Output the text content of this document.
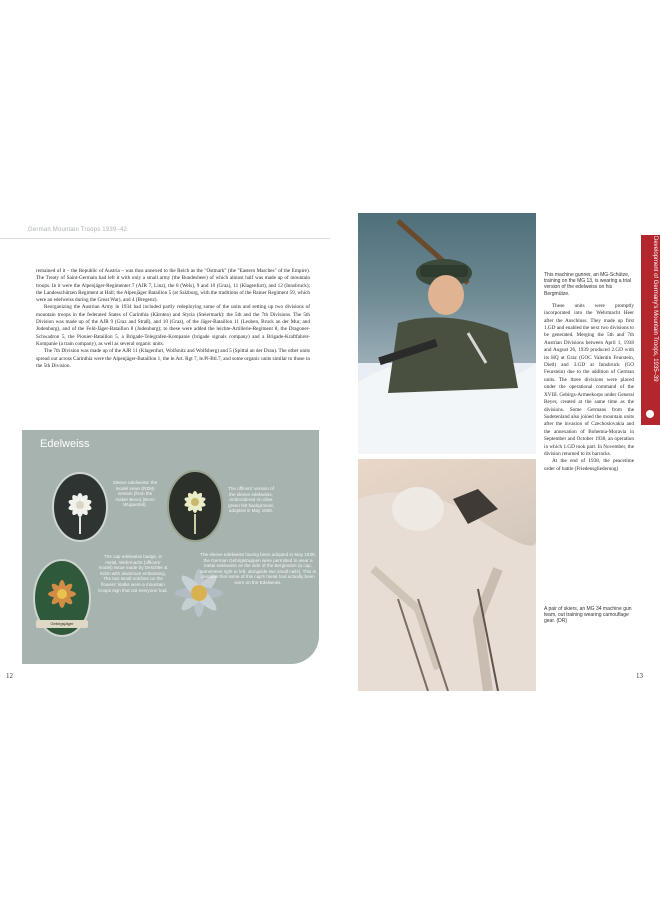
German Mountain Troops 1939–42

remained of it – the Republic of Austria – was thus annexed to the Reich as the "Ostmark" (the "Eastern Marches" of the Empire). The Treaty of Saint-Germain had left it with only a small army (the Bundesheer) of which almost half was made up of mountain troops. In it were the Alpenjäger-Regimenter 7 (AJR 7, Linz), the 8 (Wels), 9 and 10 (Graz), 11 (Klagenfurt), and 12 (Innsbruck); the Landesschützen Regiment at Hall; the Alpenjäger Bataillon 5 (at Salzburg, with the traditions of the Rainer Regiment 59, which were an edelweiss during the Great War), and 4 (Bregenz).

Reorganizing the Austrian Army in 1934 had included partly redeploying some of the units and setting up two divisions of mountain troops in the federated States of Carinthia (Kärnten) and Styria (Steiermark): the 5th and the 7th Divisions. The 5th Division was made up of the AJR 9 (Graz and Straß), and 10 (Graz), of the Jäger-Bataillon 11 (Leoben, Bruck an der Mur, and Judenburg), and of the Feld-Jäger-Bataillon 8 (Judenburg); to these were added the leichte-Artillerie-Regiment 8, the Dragoner-Schwadron 5, the Pionier-Bataillon 5, a Brigade-Telegrafen-Kompanie (brigade signals company) and a Brigade-Kraftfahrer-Kompanie (a train company), as well as several organic units.

The 7th Division was made up of the AJR 11 (Klagenfurt, Wolfsnitz and Wolfsberg) and 5 (Spittal an der Drau). The other units spread out across Carinthia were the Alpenjäger-Bataillon 1, the le.Art. Rgt 7, le.Pi-Btl.7, and some organic units similar to those in the 5th Division.

Edelweiss
Sleeve edelweiss: the model sewn (RZM) version (from the maker Bevo) (Bevo Wuppertal).
The officers' version of the sleeve edelweiss, embroidered on olive green felt background, adopted in May 1939.
Gebirgsjäger
The cap edelweiss badge, in metal, Wehrmacht (officers' model) issue made by Deschler & Sohn with aluminum embossing. The two small notches on the flowers' stalks were a mountain troops sign that not everyone had.
The sleeve edelweiss having been adopted in May 1939, the German Gebirgstruppen were permitted to wear a metal edelweiss on the side of the Bergmütze (a cap, sometimes right or left, alongside two small nails). This is possible that some of this cap's metal had actually been worn on the Edelweiss.
12
This machine gunner, an MG-Schütze, training on the MG 13, is wearing a trial version of the edelweiss on his Bergmütze.

These units were promptly incorporated into the Wehrmacht Heer after the Anschluss. They made up first 1.GD and enabled the next two divisions to be generated. Merging the 5th and 7th Austrian Divisions between April 1, 1938 and August 26, 1939 produced 2.GD with its HQ at Graz (GOC Valentin Feurstein, Dietl) and 3.GD at Innsbruck (GO Feurstein) due to the addition of German units. The three divisions were placed under the operational command of the XVIII. Gebirgs-Armeekorps under General Beyer, created at the same time as the divisions. Some Germans from the Sudetenland also joined the mountain units after the invasion of Czechoslovakia and the annexation of Bohemia-Moravia in September and October 1938, an operation in which 1.GD took part. In November, the division returned to its barracks.

At the end of 1938, the peacetime order of battle (Friedensgliederung)

A pair of skiers, an MG 34 machine gun team, out training wearing camouflage gear. (DR)
13
Development of Germany's Mountain Troops, 1935–39
